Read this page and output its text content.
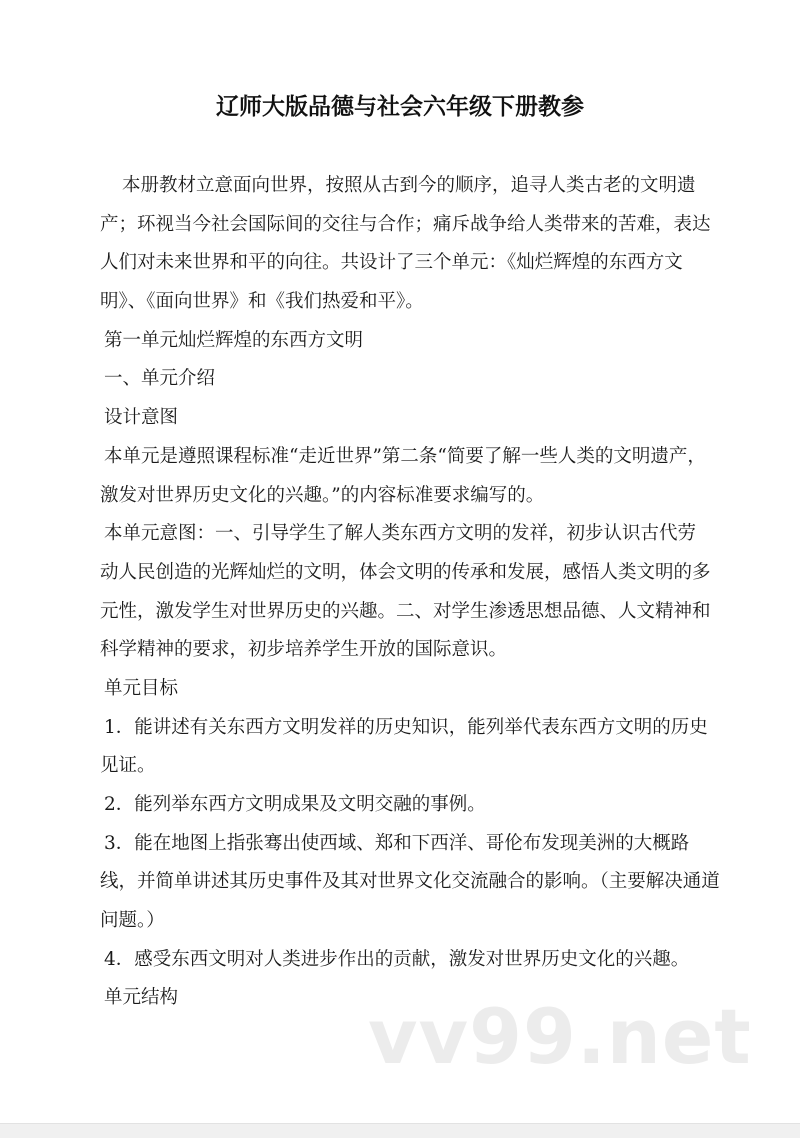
辽师大版品德与社会六年级下册教参
本册教材立意面向世界，按照从古到今的顺序，追寻人类古老的文明遗
产；环视当今社会国际间的交往与合作；痛斥战争给人类带来的苦难，表达
人们对未来世界和平的向往。共设计了三个单元：《灿烂辉煌的东西方文
明》、《面向世界》和《我们热爱和平》。
第一单元灿烂辉煌的东西方文明
一、单元介绍
设计意图
本单元是遵照课程标准“走近世界”第二条“简要了解一些人类的文明遗产，
激发对世界历史文化的兴趣。”的内容标准要求编写的。
本单元意图：一、引导学生了解人类东西方文明的发祥，初步认识古代劳
动人民创造的光辉灿烂的文明，体会文明的传承和发展，感悟人类文明的多
元性，激发学生对世界历史的兴趣。二、对学生渗透思想品德、人文精神和
科学精神的要求，初步培养学生开放的国际意识。
单元目标
1．能讲述有关东西方文明发祥的历史知识，能列举代表东西方文明的历史
见证。
2．能列举东西方文明成果及文明交融的事例。
3．能在地图上指张骞出使西域、郑和下西洋、哥伦布发现美洲的大概路
线，并简单讲述其历史事件及其对世界文化交流融合的影响。（主要解决通道
问题。）
4．感受东西文明对人类进步作出的贡献，激发对世界历史文化的兴趣。
单元结构	vv99.net
